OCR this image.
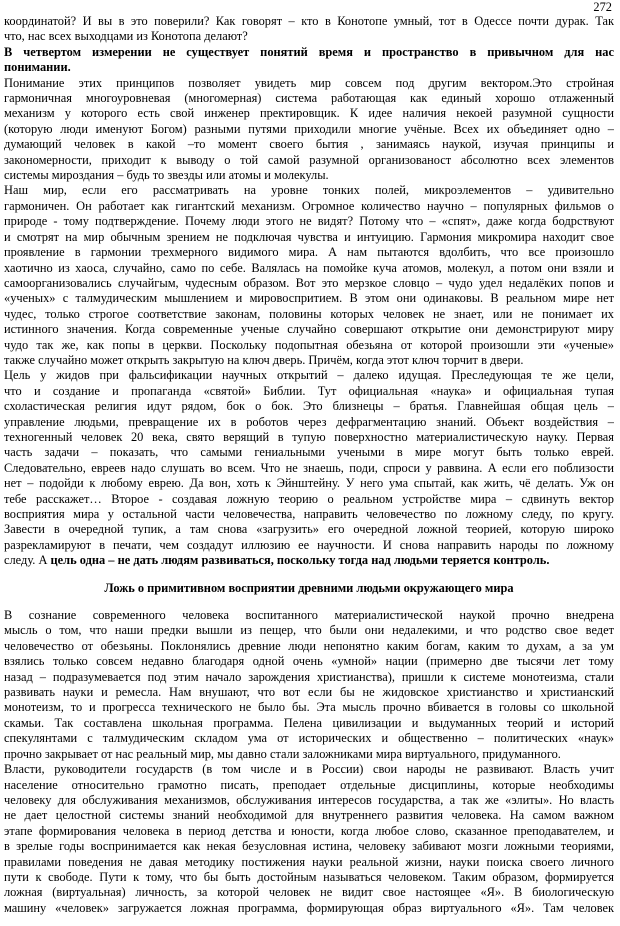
272
координатой? И вы в это поверили? Как говорят – кто в Конотопе умный, тот в Одессе почти дурак. Так
что, нас всех выходцами из Конотопа делают?
В четвертом измерении не существует понятий время и пространство в привычном для нас
понимании.
Понимание этих принципов позволяет увидеть мир совсем под другим вектором.Это стройная
гармоничная многоуровневая (многомерная) система работающая как единый хорошо отлаженный
механизм у которого есть свой инженер пректировщик. К идее наличия некоей разумной сущности
(которую люди именуют Богом) разными путями приходили многие учёные. Всех их объединяет одно –
думающий человек в какой –то момент своего бытия , занимаясь наукой, изучая принципы и
закономерности, приходит к выводу о той самой разумной организованост абсолютно всех элементов
системы мироздания – будь то звезды или атомы и молекулы.
Наш мир, если его рассматривать на уровне тонких полей, микроэлементов – удивительно
гармоничен. Он работает как гигантский механизм. Огромное количество научно – популярных фильмов о
природе - тому подтверждение. Почему люди этого не видят? Потому что – «спят», даже когда бодрствуют
и смотрят на мир обычным зрением не подключая чувства и интуицию. Гармония микромира находит свое
проявление в гармонии трехмерного видимого мира. А нам пытаются вдолбить, что все произошло
хаотично из хаоса, случайно, само по себе. Валялась на помойке куча атомов, молекул, а потом они взяли и
самоорганизовались случайгым, чудесным образом. Вот это мерзкое словцо – чудо удел недалёких попов и
«ученых» с талмудическим мышлением и мировоспритием. В этом они одинаковы. В реальном мире нет
чудес, только строгое соответствие законам, половины которых человек не знает, или не понимает их
истинного значения. Когда современные ученые случайно совершают открытие они демонстрируют миру
чудо так же, как попы в церкви. Поскольку подопытная обезьяна от которой произошли эти «ученые»
также случайно может открыть закрытую на ключ дверь. Причём, когда этот ключ торчит в двери.
Цель у жидов при фальсификации научных открытий – далеко идущая. Преследующая те же цели,
что и создание и пропаганда «святой» Библии. Тут официальная «наука» и официальная тупая
схоластическая религия идут рядом, бок о бок. Это близнецы – братья. Главнейшая общая цель –
управление людьми, превращение их в роботов через дефрагментацию знаний. Объект воздействия –
техногенный человек 20 века, свято верящий в тупую поверхностно материалистическую науку. Первая
часть задачи – показать, что самыми гениальными учеными в мире могут быть только еврей.
Следовательно, евреев надо слушать во всем. Что не знаешь, поди, спроси у раввина. А если его поблизости
нет – подойди к любому еврею. Да вон, хоть к Эйнштейну. У него ума спытай, как жить, чё делать. Уж он
тебе расскажет… Второе - создавая ложную теорию о реальном устройстве мира – сдвинуть вектор
восприятия мира у остальной части человечества, направить человечество по ложному следу, по кругу.
Завести в очередной тупик, а там снова «загрузить» его очередной ложной теорией, которую широко
разрекламируют в печати, чем создадут иллюзию ее научности. И снова направить народы по ложному
следу. А цель одна – не дать людям развиваться, поскольку тогда над людьми теряется контроль.
Ложь о примитивном восприятии древними людьми окружающего мира
В сознание современного человека воспитанного материалистической наукой прочно внедрена
мысль о том, что наши предки вышли из пещер, что были они недалекими, и что родство свое ведет
человечество от обезьяны. Поклонялись древние люди непонятно каким богам, каким то духам, а за ум
взялись только совсем недавно благодаря одной очень «умной» нации (примерно две тысячи лет тому
назад – подразумевается под этим начало зарождения христианства), пришли к системе монотеизма, стали
развивать науки и ремесла. Нам внушают, что вот если бы не жидовское христианство и христианский
монотеизм, то и прогресса технического не было бы. Эта мысль прочно вбивается в головы со школьной
скамьи. Так составлена школьная программа. Пелена цивилизации и выдуманных теорий и историй
спекулянтами с талмудическим складом ума от исторических и общественно – политических «наук»
прочно закрывает от нас реальный мир, мы давно стали заложниками мира виртуального, придуманного.
Власти, руководители государств (в том числе и в России) свои народы не развивают. Власть учит
население относительно грамотно писать, преподает отдельные дисциплины, которые необходимы
человеку для обслуживания механизмов, обслуживания интересов государства, а так же «элиты». Но власть
не дает целостной системы знаний необходимой для внутреннего развития человека. На самом важном
этапе формирования человека в период детства и юности, когда любое слово, сказанное преподавателем, и
в зрелые годы воспринимается как некая безусловная истина, человеку забивают мозги ложными теориями,
правилами поведения не давая методику постижения науки реальной жизни, науки поиска своего личного
пути к свободе. Пути к тому, что бы быть достойным называться человеком. Таким образом, формируется
ложная (виртуальная) личность, за которой человек не видит свое настоящее «Я». В биологическую
машину «человек» загружается ложная программа, формирующая образ виртуального «Я». Там человек
